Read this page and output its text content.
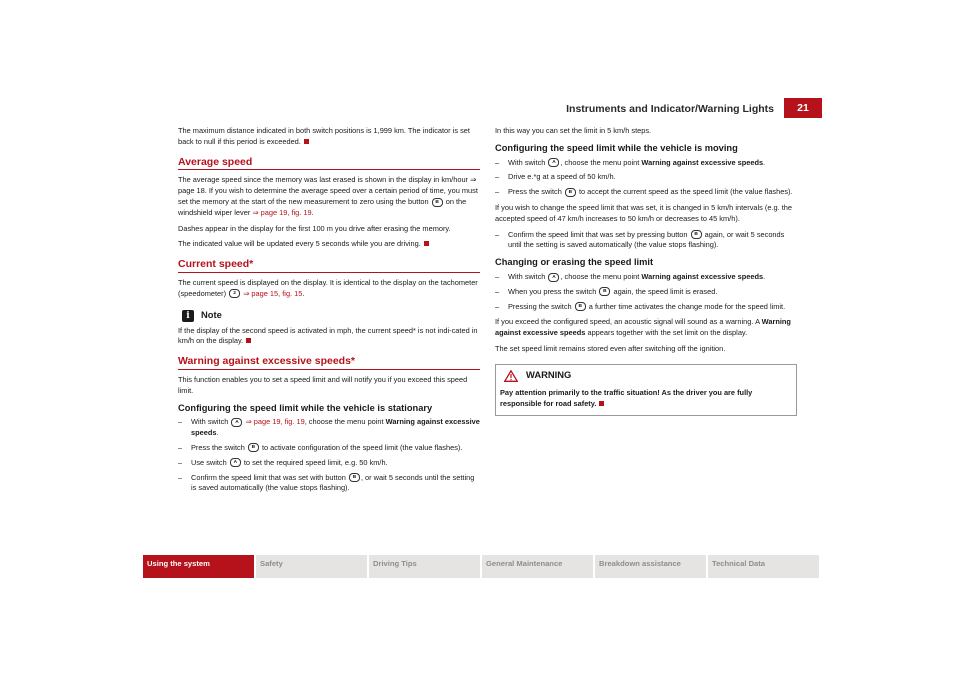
Instruments and Indicator/Warning Lights	21

The maximum distance indicated in both switch positions is 1,999 km. The indicator is set back to null if this period is exceeded.

Average speed

The average speed since the memory was last erased is shown in the display in km/hour ⇒ page 18. If you wish to determine the average speed over a certain period of time, you must set the memory at the start of the new measurement to zero using the button B on the windshield wiper lever ⇒ page 19, fig. 19.

Dashes appear in the display for the first 100 m you drive after erasing the memory.

The indicated value will be updated every 5 seconds while you are driving.

Current speed*

The current speed is displayed on the display. It is identical to the display on the tachometer (speedometer) 2 ⇒ page 15, fig. 15.

i	Note

If the display of the second speed is activated in mph, the current speed* is not indi-cated in km/h on the display.

Warning against excessive speeds*

This function enables you to set a speed limit and will notify you if you exceed this speed limit.

Configuring the speed limit while the vehicle is stationary
– With switch A ⇒ page 19, fig. 19, choose the menu point Warning against excessive speeds.
– Press the switch B to activate configuration of the speed limit (the value flashes).
– Use switch A to set the required speed limit, e.g. 50 km/h.
– Confirm the speed limit that was set with button B , or wait 5 seconds until the setting is saved automatically (the value stops flashing).

In this way you can set the limit in 5 km/h steps.

Configuring the speed limit while the vehicle is moving
– With switch A , choose the menu point Warning against excessive speeds.
– Drive e.*g at a speed of 50 km/h.
– Press the switch B to accept the current speed as the speed limit (the value flashes).

If you wish to change the speed limit that was set, it is changed in 5 km/h intervals (e.g. the accepted speed of 47 km/h increases to 50 km/h or decreases to 45 km/h).

– Confirm the speed limit that was set by pressing button B again, or wait 5 seconds until the setting is saved automatically (the value stops flashing).
Changing or erasing the speed limit
– With switch A , choose the menu point Warning against excessive speeds.
– When you press the switch B again, the speed limit is erased.
– Pressing the switch B a further time activates the change mode for the speed limit.

If you exceed the configured speed, an acoustic signal will sound as a warning. A Warning against excessive speeds appears together with the set limit on the display.

The set speed limit remains stored even after switching off the ignition.

WARNING
Pay attention primarily to the traffic situation! As the driver you are fully responsible for road safety.
Using the system	Safety	Driving Tips	General Maintenance	Breakdown assistance	Technical Data
